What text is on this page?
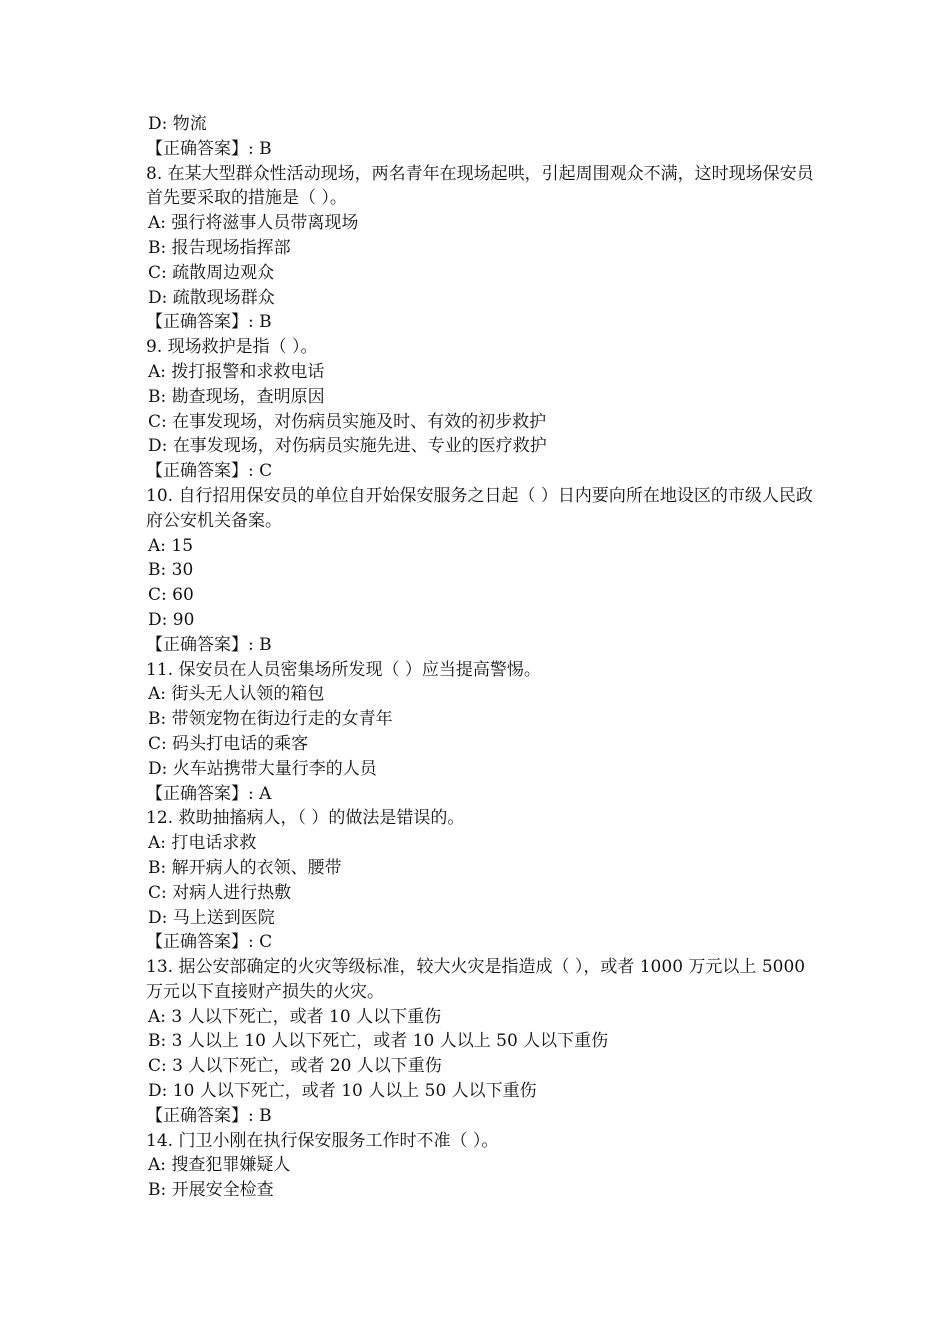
D: 物流
【正确答案】: B
8. 在某大型群众性活动现场，两名青年在现场起哄，引起周围观众不满，这时现场保安员首先要采取的措施是（ ）。
A: 强行将滋事人员带离现场
B: 报告现场指挥部
C: 疏散周边观众
D: 疏散现场群众
【正确答案】: B
9. 现场救护是指（ ）。
A: 拨打报警和求救电话
B: 勘查现场，查明原因
C: 在事发现场，对伤病员实施及时、有效的初步救护
D: 在事发现场，对伤病员实施先进、专业的医疗救护
【正确答案】: C
10. 自行招用保安员的单位自开始保安服务之日起（ ）日内要向所在地设区的市级人民政府公安机关备案。
A: 15
B: 30
C: 60
D: 90
【正确答案】: B
11. 保安员在人员密集场所发现（ ）应当提高警惕。
A: 街头无人认领的箱包
B: 带领宠物在街边行走的女青年
C: 码头打电话的乘客
D: 火车站携带大量行李的人员
【正确答案】: A
12. 救助抽搐病人，（ ）的做法是错误的。
A: 打电话求救
B: 解开病人的衣领、腰带
C: 对病人进行热敷
D: 马上送到医院
【正确答案】: C
13. 据公安部确定的火灾等级标准，较大火灾是指造成（ ），或者 1000 万元以上 5000 万元以下直接财产损失的火灾。
A: 3 人以下死亡，或者 10 人以下重伤
B: 3 人以上 10 人以下死亡，或者 10 人以上 50 人以下重伤
C: 3 人以下死亡，或者 20 人以下重伤
D: 10 人以下死亡，或者 10 人以上 50 人以下重伤
【正确答案】: B
14. 门卫小刚在执行保安服务工作时不准（ ）。
A: 搜查犯罪嫌疑人
B: 开展安全检查
